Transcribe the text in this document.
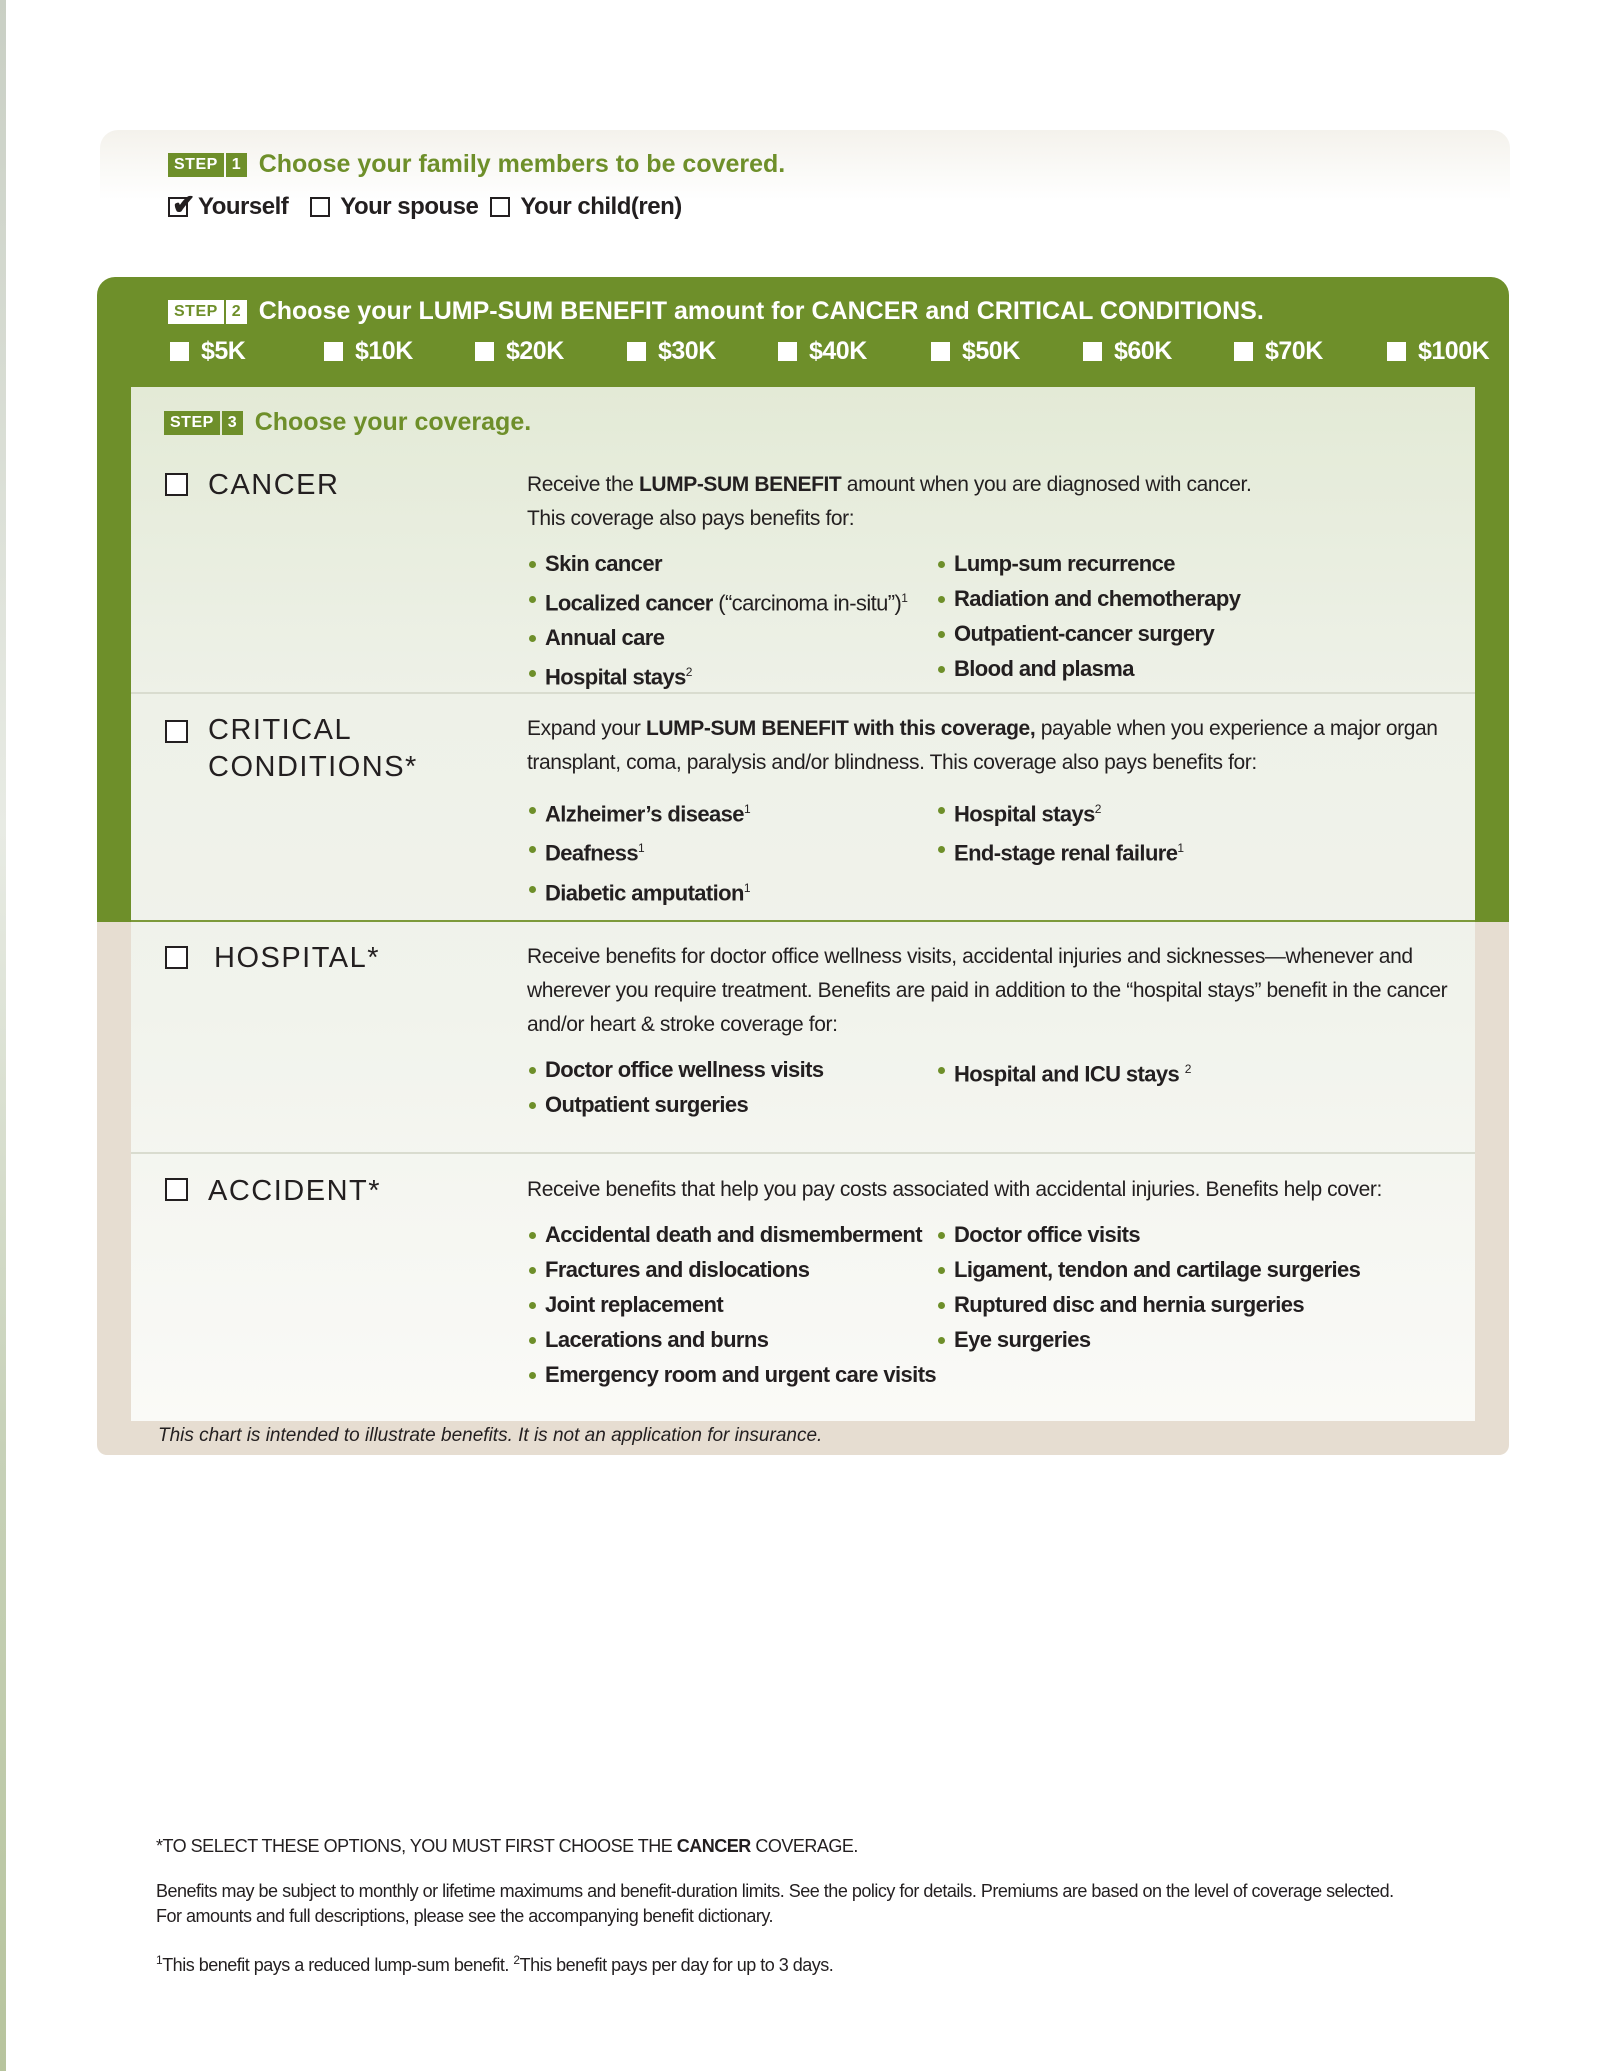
STEP 1 Choose your family members to be covered.
✔ Yourself Your spouse Your child(ren)
STEP 2 Choose your LUMP-SUM BENEFIT amount for CANCER and CRITICAL CONDITIONS.
$5K	$10K	$20K	$30K	$40K	$50K	$60K	$70K	$100K
STEP 3 Choose your coverage.
CANCER	Receive the LUMP-SUM BENEFIT amount when you are diagnosed with cancer.
This coverage also pays benefits for:
Skin cancer
Localized cancer (“carcinoma in-situ”)$^1$
Annual care
Hospital stays$^2$
Lump-sum recurrence
Radiation and chemotherapy
Outpatient-cancer surgery
Blood and plasma
CRITICAL
CONDITIONS*
Expand your LUMP-SUM BENEFIT with this coverage, payable when you experience a major organ transplant, coma, paralysis and/or blindness. This coverage also pays benefits for:
Alzheimer’s disease$^1$
Deafness$^1$
Diabetic amputation$^1$
Hospital stays$^2$
End-stage renal failure$^1$
HOSPITAL*	Receive benefits for doctor office wellness visits, accidental injuries and sicknesses—whenever and wherever you require treatment. Benefits are paid in addition to the “hospital stays” benefit in the cancer and/or heart & stroke coverage for:
Doctor office wellness visits
Outpatient surgeries
Hospital and ICU stays $^2$
ACCIDENT*	Receive benefits that help you pay costs associated with accidental injuries. Benefits help cover:
Accidental death and dismemberment
Fractures and dislocations
Joint replacement
Lacerations and burns
Emergency room and urgent care visits
Doctor office visits
Ligament, tendon and cartilage surgeries
Ruptured disc and hernia surgeries
Eye surgeries
This chart is intended to illustrate benefits. It is not an application for insurance.
*TO SELECT THESE OPTIONS, YOU MUST FIRST CHOOSE THE CANCER COVERAGE.
Benefits may be subject to monthly or lifetime maximums and benefit-duration limits. See the policy for details. Premiums are based on the level of coverage selected.
For amounts and full descriptions, please see the accompanying benefit dictionary.
$^1$This benefit pays a reduced lump-sum benefit. $^2$This benefit pays per day for up to 3 days.
